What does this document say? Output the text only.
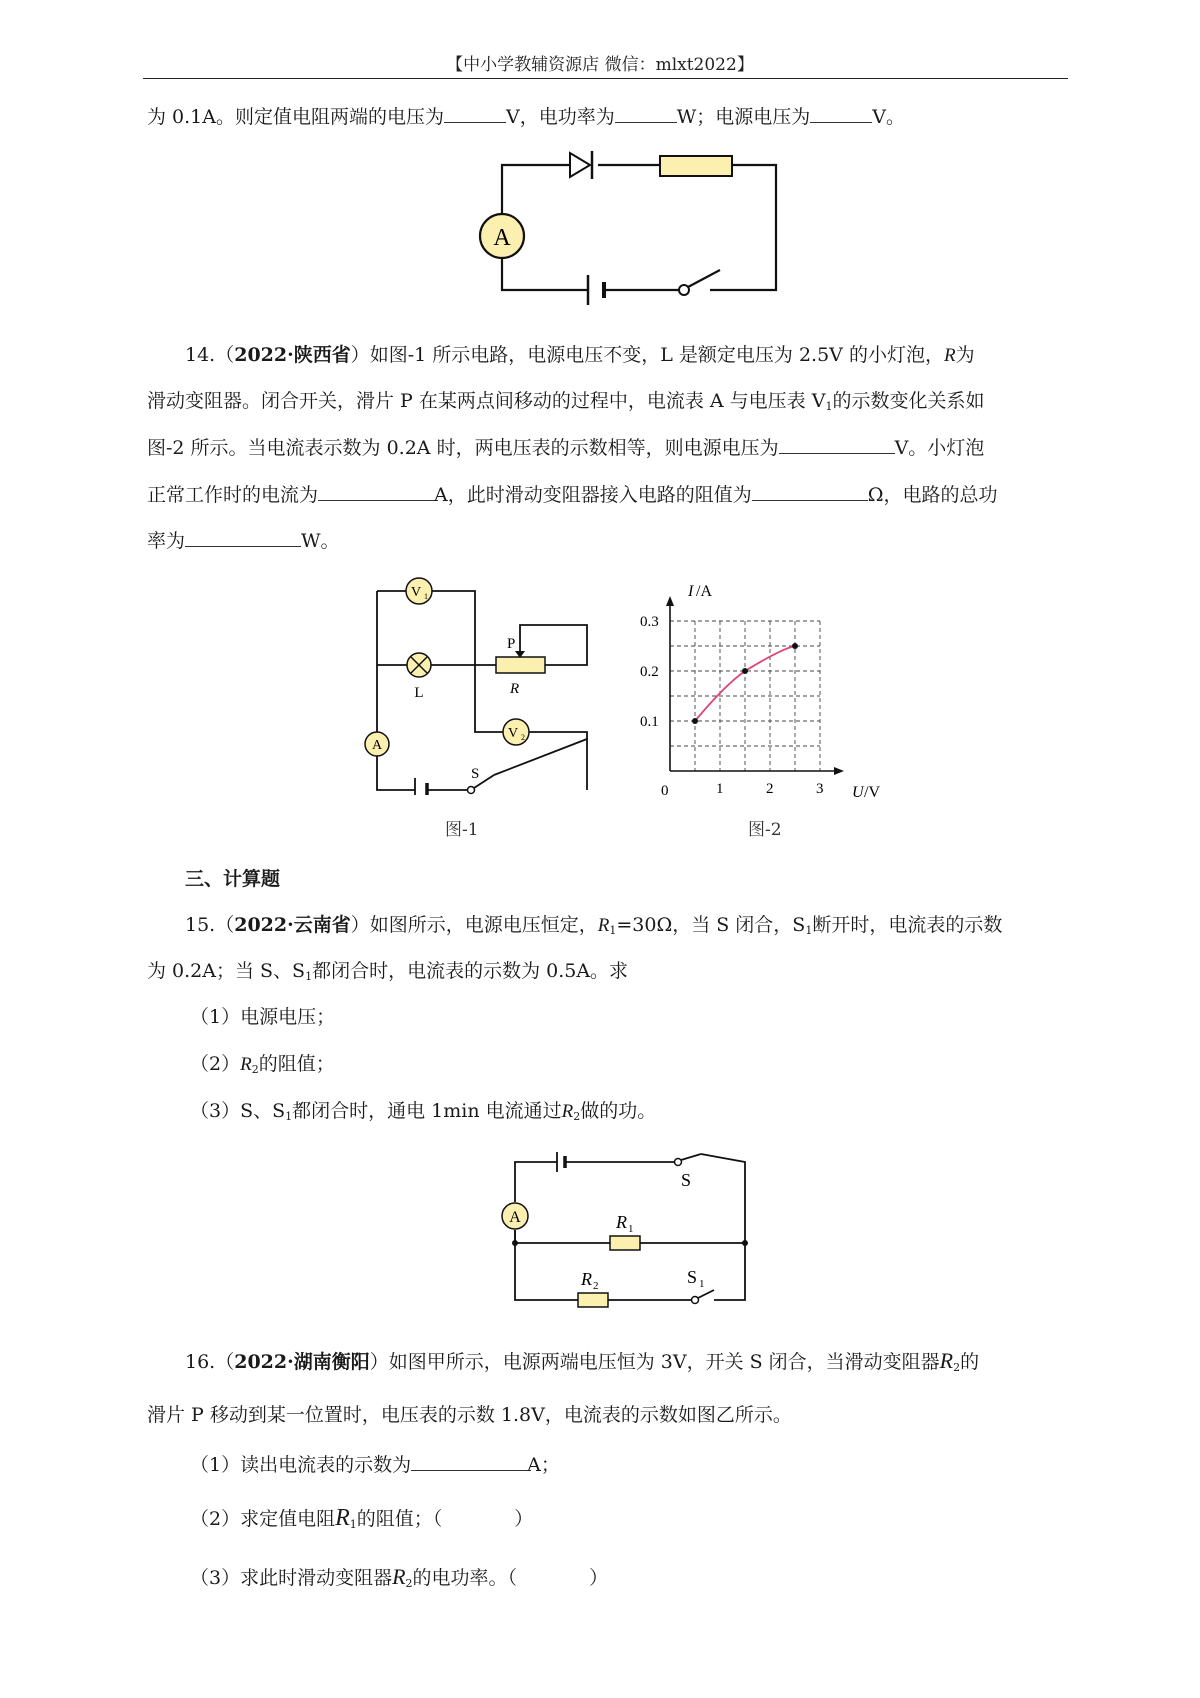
【中小学教辅资源店 微信：mlxt2022】
为 0.1A。则定值电阻两端的电压为	V，电功率为	W；电源电压为	V。
A
14.（2022·陕西省）如图-1 所示电路，电源电压不变，L 是额定电压为 2.5V 的小灯泡，R为
滑动变阻器。闭合开关，滑片 P 在某两点间移动的过程中，电流表 A 与电压表 $V_1$的示数变化关系如
图-2 所示。当电流表示数为 0.2A 时，两电压表的示数相等，则电源电压为	V。小灯泡
正常工作时的电流为	A，此时滑动变阻器接入电路的阻值为	Ω，电路的总功
率为	W。
V 1
L
P
R
V 2
A
S
图-1
0.1
0.2
0.3
1	2	3
I /A
U /V
0
图-2
三、计算题
15.（2022·云南省）如图所示，电源电压恒定，$R_1=30\Omega$，当 S 闭合，$S_1$断开时，电流表的示数
为 0.2A；当 S、$S_1$都闭合时，电流表的示数为 0.5A。求
（1）电源电压；
$(2)R_2$的阻值；
（3）S、$S_1$都闭合时，通电 1min 电流通过$R_2$做的功。
S
A	R 1
R 2	S 1
16.（2022·湖南衡阳）如图甲所示，电源两端电压恒为 3V，开关 S 闭合，当滑动变阻器$R_2$的
滑片 P 移动到某一位置时，电压表的示数 1.8V，电流表的示数如图乙所示。
（1）读出电流表的示数为	A；
（2）求定值电阻$R_1$的阻值；（	）
（3）求此时滑动变阻器$R_2$的电功率。（	）
